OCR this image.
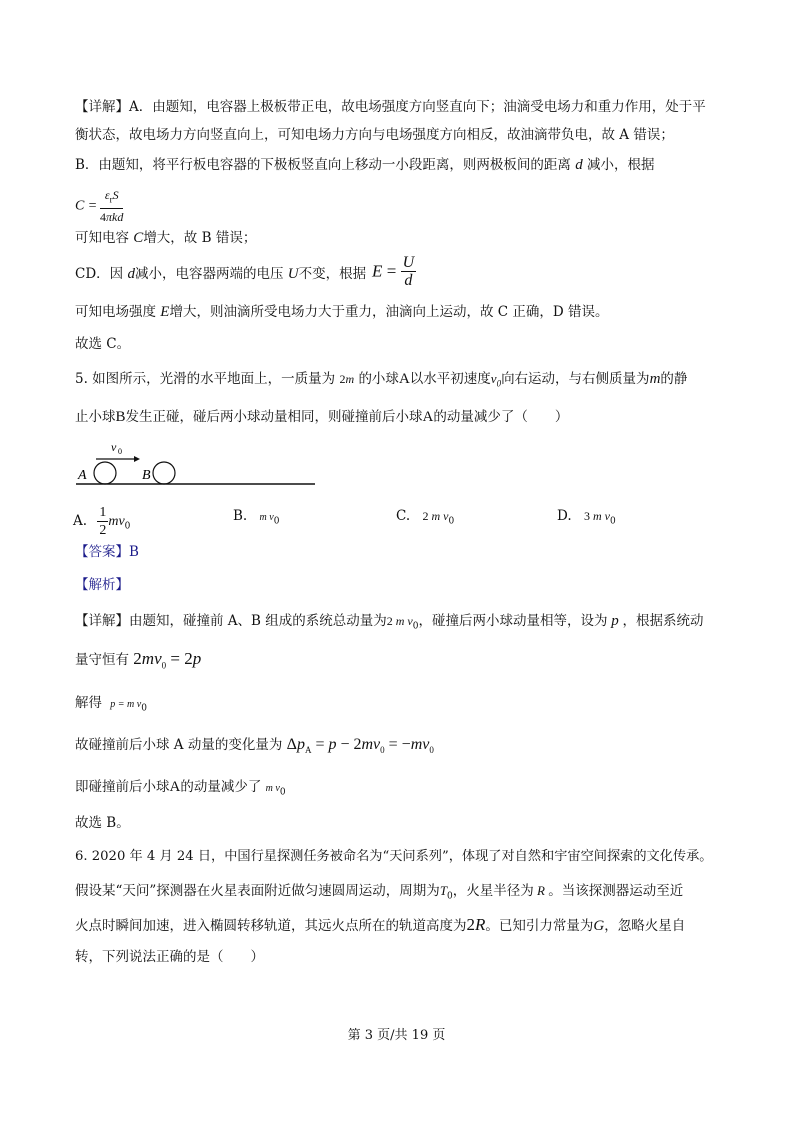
【详解】A．由题知，电容器上极板带正电，故电场强度方向竖直向下；油滴受电场力和重力作用，处于平
衡状态，故电场力方向竖直向上，可知电场力方向与电场强度方向相反，故油滴带负电，故 A 错误；
B．由题知，将平行板电容器的下极板竖直向上移动一小段距离，则两极板间的距离 d 减小，根据
$C = \frac{\varepsilon_rS}{\text{4πkd}}$
可知电容 C增大，故 B 错误；
CD．因 d减小，电容器两端的电压 U不变，根据 $E = \frac{U}{d}$
可知电场强度 E增大，则油滴所受电场力大于重力，油滴向上运动，故 C 正确，D 错误。
故选 C。
5. 如图所示，光滑的水平地面上，一质量为 2m 的小球A以水平初速度$v_0$向右运动，与右侧质量为m的静
止小球B发生正碰，碰后两小球动量相同，则碰撞前后小球A的动量减少了（　　）
v 0
A	B
A. $\frac{1}{2} mv_0$
B. m $v_0$	C. 2 m $v_0$	D. 3 m $v_0$
【答案】B
【解析】
【详解】由题知，碰撞前 A、B 组成的系统总动量为2 m $v_0$，碰撞后两小球动量相等，设为 p ，根据系统动
量守恒有 $2mv_0 = 2p$
解得 p = m $v_0$
故碰撞前后小球 A 动量的变化量为 $\Delta p_A = p - 2mv_0 = -mv_0$
即碰撞前后小球A的动量减少了 m $v_0$
故选 B。
6. 2020 年 4 月 24 日，中国行星探测任务被命名为“天问系列”，体现了对自然和宇宙空间探索的文化传承。
假设某“天问”探测器在火星表面附近做匀速圆周运动，周期为$T_0$，火星半径为 R 。当该探测器运动至近
火点时瞬间加速，进入椭圆转移轨道，其远火点所在的轨道高度为2R。已知引力常量为G，忽略火星自
转，下列说法正确的是（　　）
第 3 页/共 19 页
